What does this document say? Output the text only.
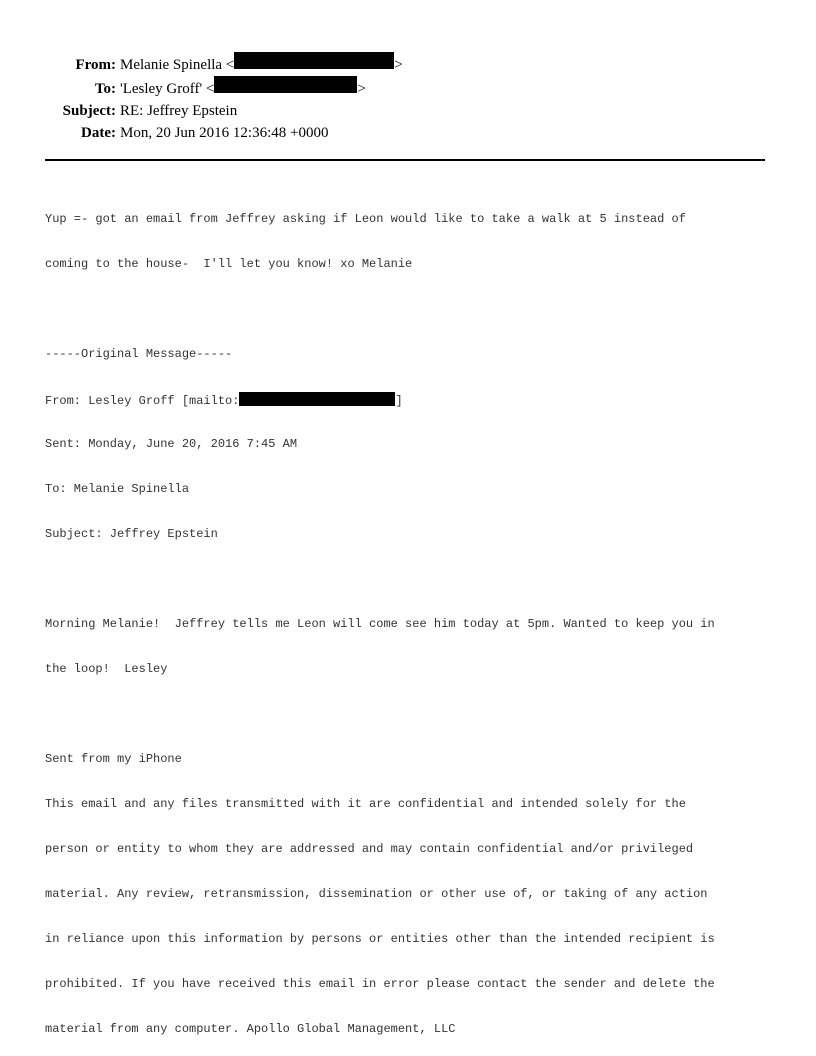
From: Melanie Spinella <	>
To: 'Lesley Groff' <	>
Subject: RE: Jeffrey Epstein
Date: Mon, 20 Jun 2016 12:36:48 +0000

Yup =- got an email from Jeffrey asking if Leon would like to take a walk at 5 instead of

coming to the house-  I'll let you know! xo Melanie

-----Original Message-----

From: Lesley Groff [mailto:	]

Sent: Monday, June 20, 2016 7:45 AM

To: Melanie Spinella

Subject: Jeffrey Epstein

Morning Melanie!  Jeffrey tells me Leon will come see him today at 5pm. Wanted to keep you in

the loop!  Lesley

Sent from my iPhone

This email and any files transmitted with it are confidential and intended solely for the

person or entity to whom they are addressed and may contain confidential and/or privileged

material. Any review, retransmission, dissemination or other use of, or taking of any action

in reliance upon this information by persons or entities other than the intended recipient is

prohibited. If you have received this email in error please contact the sender and delete the

material from any computer. Apollo Global Management, LLC
